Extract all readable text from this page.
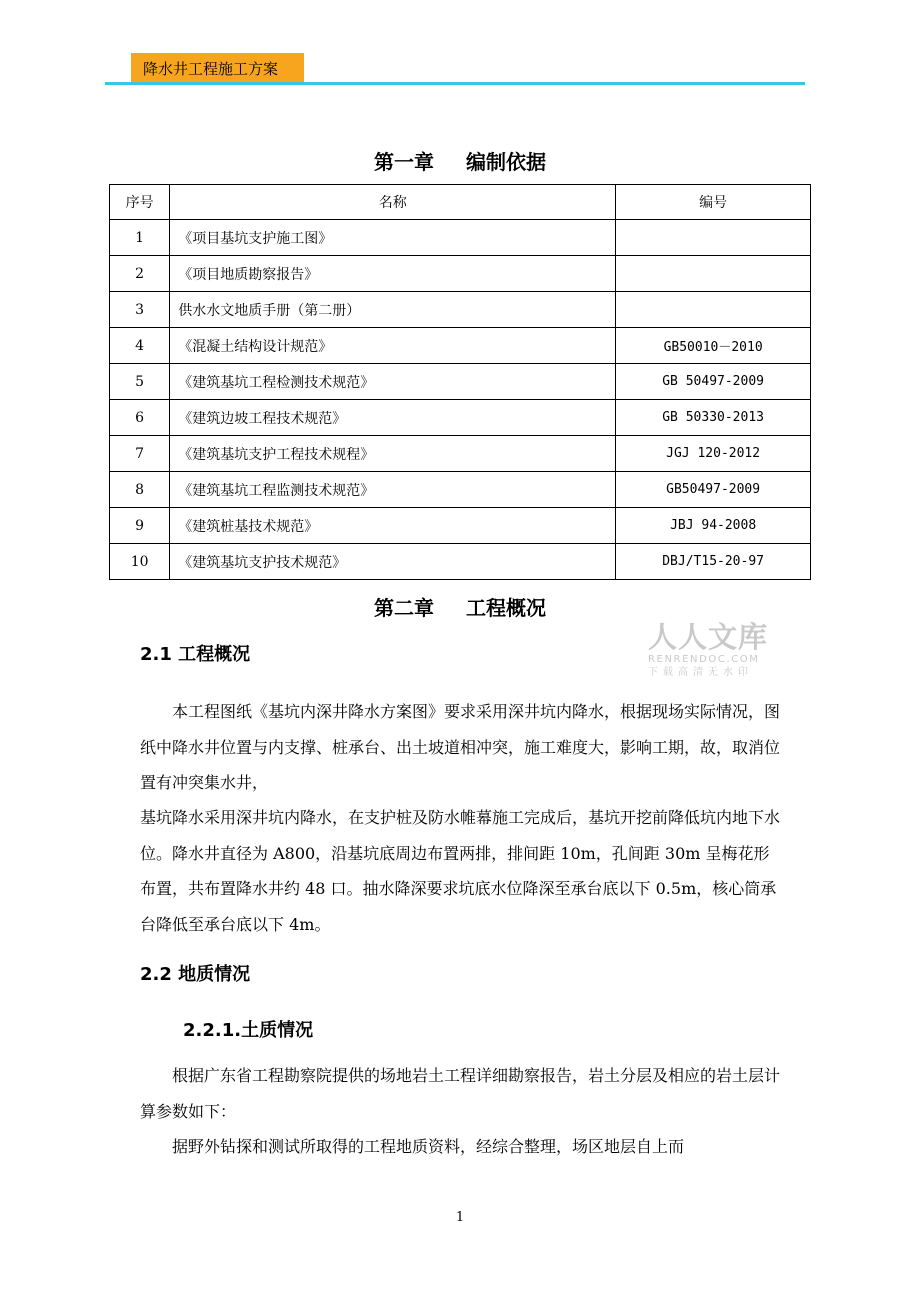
降水井工程施工方案
第一章 编制依据
序号	名称	编号
1	《项目基坑支护施工图》	
2	《项目地质勘察报告》	
3	供水水文地质手册（第二册）	
4	《混凝土结构设计规范》	GB50010－2010
5	《建筑基坑工程检测技术规范》	GB 50497-2009
6	《建筑边坡工程技术规范》	GB 50330-2013
7	《建筑基坑支护工程技术规程》	JGJ 120-2012
8	《建筑基坑工程监测技术规范》	GB50497-2009
9	《建筑桩基技术规范》	JBJ 94-2008
10	《建筑基坑支护技术规范》	DBJ/T15-20-97
第二章 工程概况
人人文库
RENRENDOC.COM
下载高清无水印
2.1 工程概况

本工程图纸《基坑内深井降水方案图》要求采用深井坑内降水，根据现场实际情况，图纸中降水井位置与内支撑、桩承台、出土坡道相冲突，施工难度大，影响工期，故，取消位置有冲突集水井，

基坑降水采用深井坑内降水，在支护桩及防水帷幕施工完成后，基坑开挖前降低坑内地下水位。降水井直径为 A800，沿基坑底周边布置两排，排间距 10m，孔间距 30m 呈梅花形布置，共布置降水井约 48 口。抽水降深要求坑底水位降深至承台底以下 0.5m，核心筒承台降低至承台底以下 4m。

2.2 地质情况
2.2.1.土质情况

根据广东省工程勘察院提供的场地岩土工程详细勘察报告，岩土分层及相应的岩土层计算参数如下：

据野外钻探和测试所取得的工程地质资料，经综合整理，场区地层自上而

1
